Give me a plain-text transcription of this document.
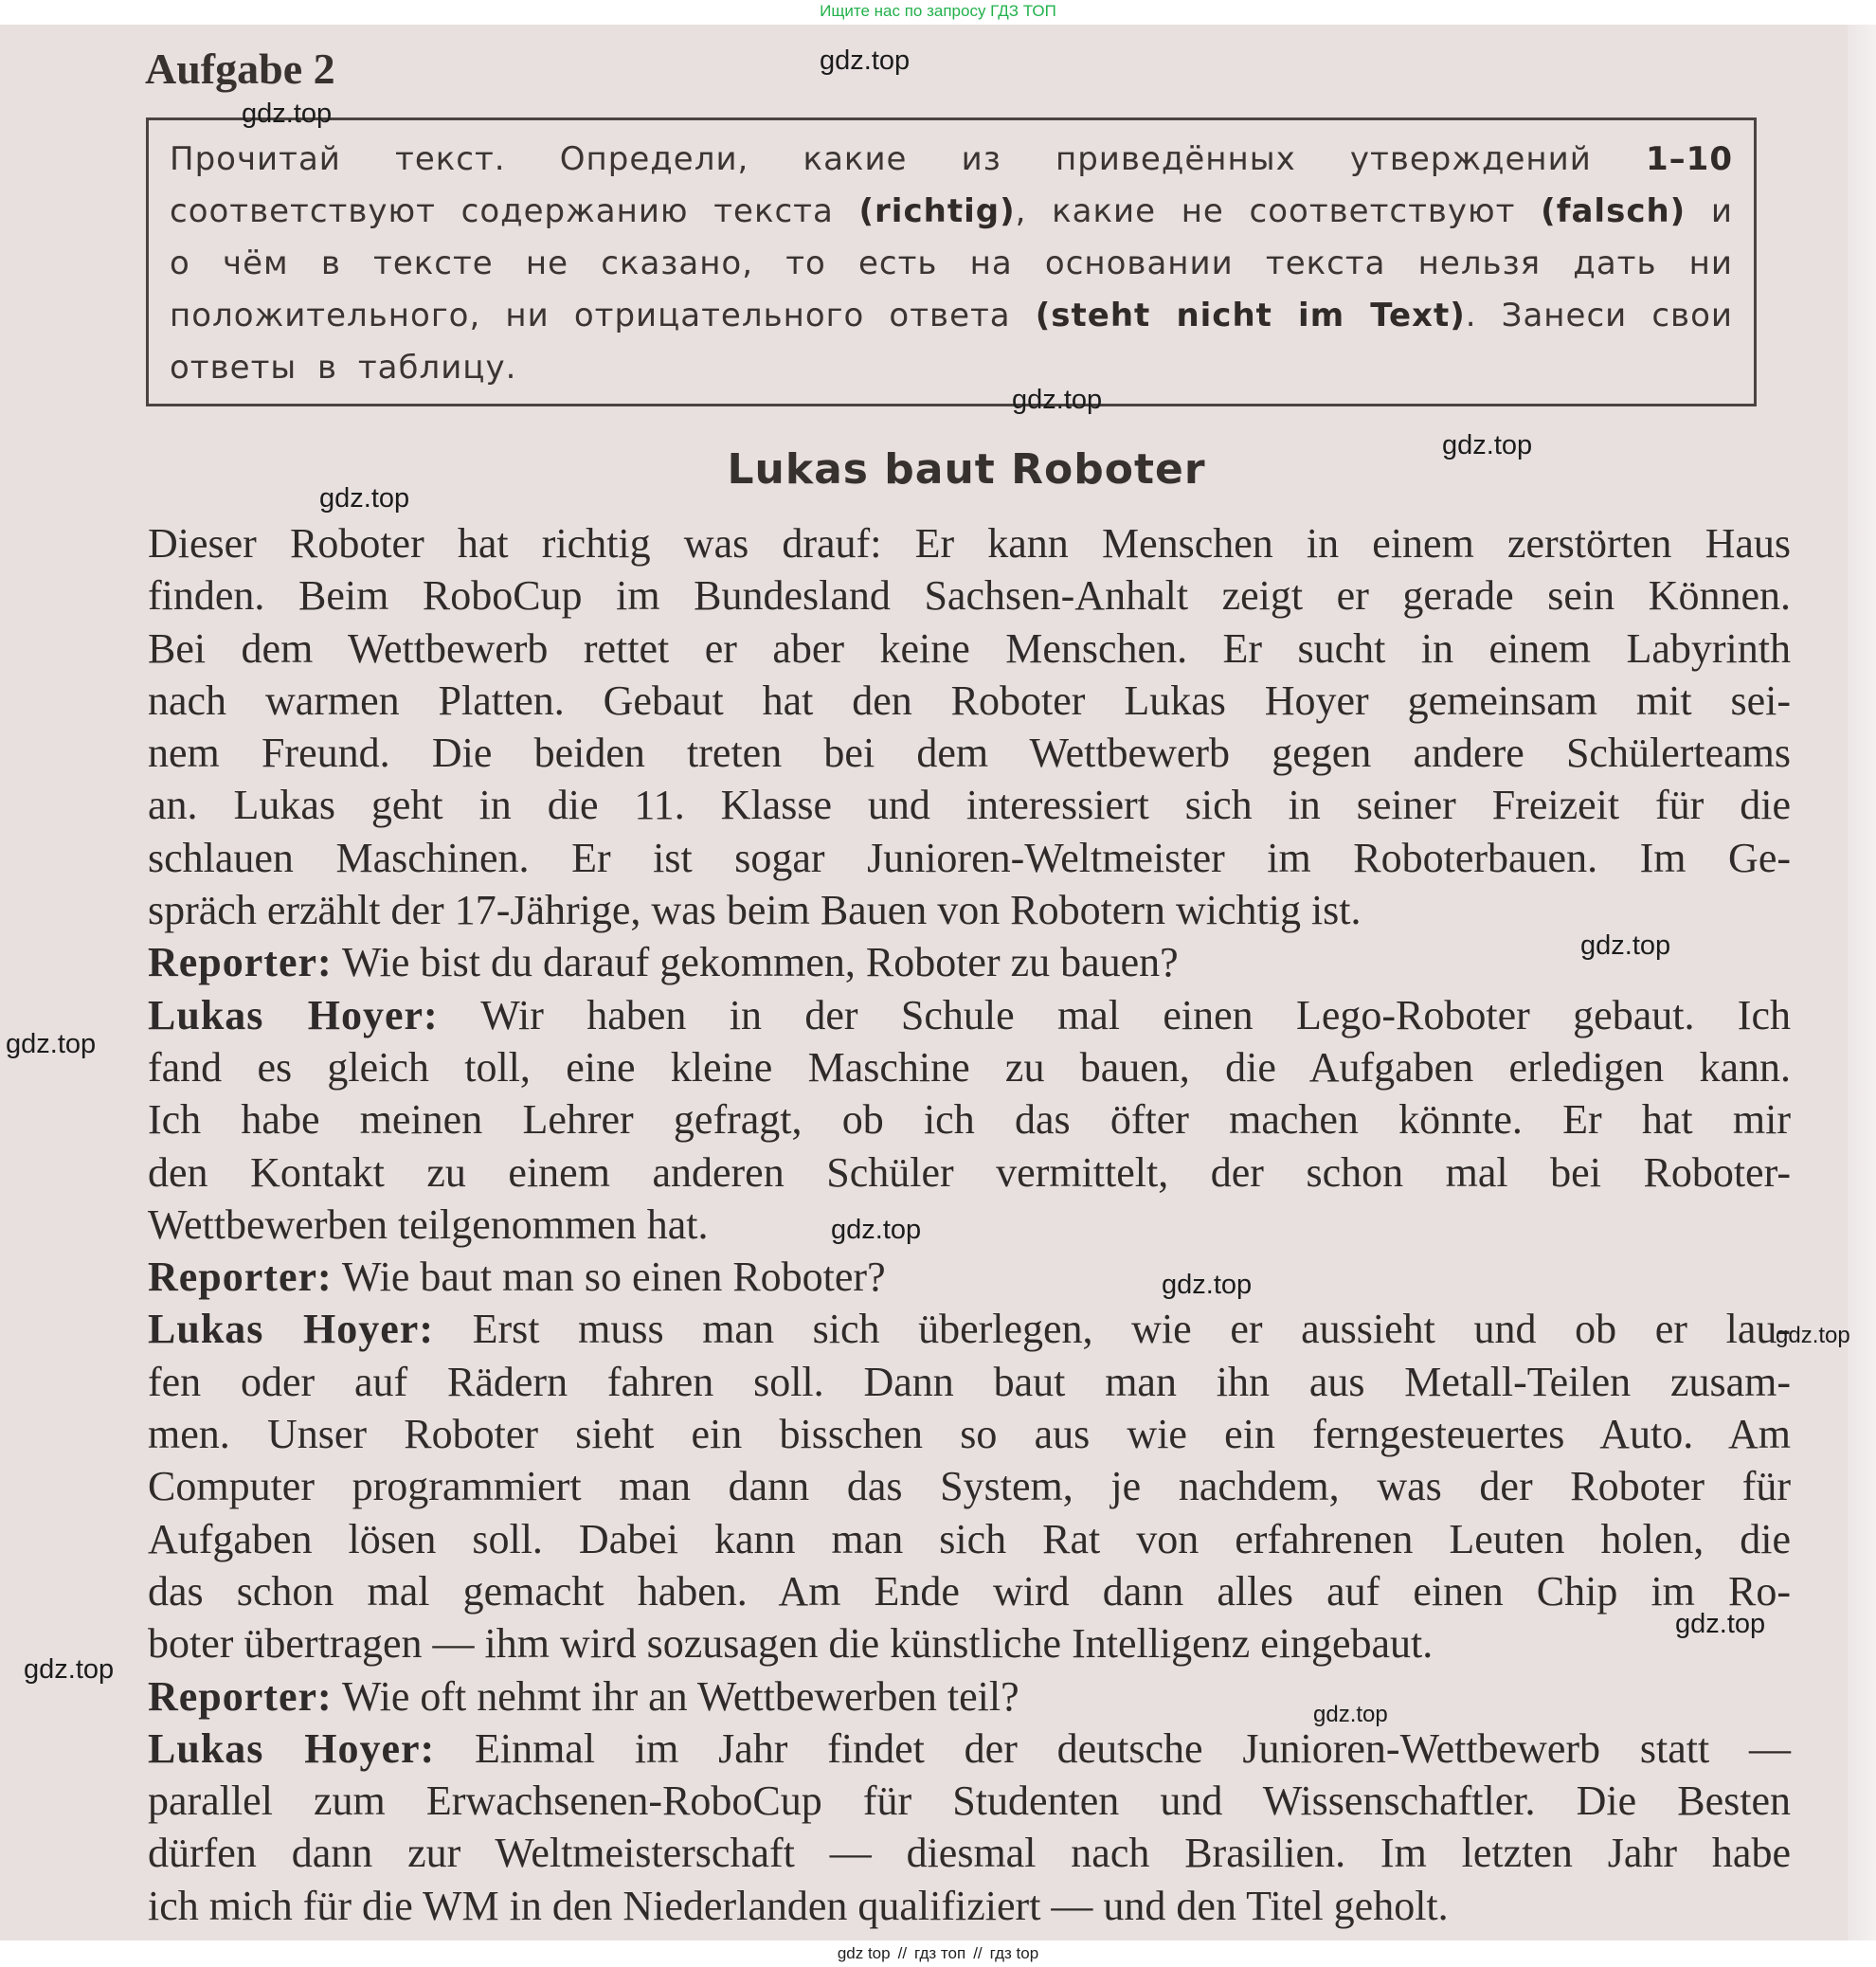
Ищите нас по запросу ГДЗ ТОП
Aufgabe 2
Прочитай текст. Определи, какие из приведённых утверждений 1–10 соответствуют содержанию текста (richtig), какие не соответствуют (falsch) и о чём в тексте не сказано, то есть на основании текста нельзя дать ни положительного, ни отрицательного ответа (steht nicht im Text). Занеси свои ответы в таблицу.
Lukas baut Roboter
Dieser Roboter hat richtig was drauf: Er kann Menschen in einem zerstörten Haus
finden. Beim RoboCup im Bundesland Sachsen-Anhalt zeigt er gerade sein Können.
Bei dem Wettbewerb rettet er aber keine Menschen. Er sucht in einem Labyrinth
nach warmen Platten. Gebaut hat den Roboter Lukas Hoyer gemeinsam mit sei-
nem Freund. Die beiden treten bei dem Wettbewerb gegen andere Schülerteams
an. Lukas geht in die 11. Klasse und interessiert sich in seiner Freizeit für die
schlauen Maschinen. Er ist sogar Junioren-Weltmeister im Roboterbauen. Im Ge-
spräch erzählt der 17-Jährige, was beim Bauen von Robotern wichtig ist.
Reporter: Wie bist du darauf gekommen, Roboter zu bauen?
Lukas Hoyer: Wir haben in der Schule mal einen Lego-Roboter gebaut. Ich
fand es gleich toll, eine kleine Maschine zu bauen, die Aufgaben erledigen kann.
Ich habe meinen Lehrer gefragt, ob ich das öfter machen könnte. Er hat mir
den Kontakt zu einem anderen Schüler vermittelt, der schon mal bei Roboter-
Wettbewerben teilgenommen hat.
Reporter: Wie baut man so einen Roboter?
Lukas Hoyer: Erst muss man sich überlegen, wie er aussieht und ob er lau-
fen oder auf Rädern fahren soll. Dann baut man ihn aus Metall-Teilen zusam-
men. Unser Roboter sieht ein bisschen so aus wie ein ferngesteuertes Auto. Am
Computer programmiert man dann das System, je nachdem, was der Roboter für
Aufgaben lösen soll. Dabei kann man sich Rat von erfahrenen Leuten holen, die
das schon mal gemacht haben. Am Ende wird dann alles auf einen Chip im Ro-
boter übertragen — ihm wird sozusagen die künstliche Intelligenz eingebaut.
Reporter: Wie oft nehmt ihr an Wettbewerben teil?
Lukas Hoyer: Einmal im Jahr findet der deutsche Junioren-Wettbewerb statt —
parallel zum Erwachsenen-RoboCup für Studenten und Wissenschaftler. Die Besten
dürfen dann zur Weltmeisterschaft — diesmal nach Brasilien. Im letzten Jahr habe
ich mich für die WM in den Niederlanden qualifiziert — und den Titel geholt.
gdz.top
gdz.top
gdz.top
gdz.top
gdz.top
gdz.top
gdz.top
gdz.top
gdz.top
gdz.top
gdz.top
gdz.top
gdz.top
gdz top // гдз топ // гдз top
